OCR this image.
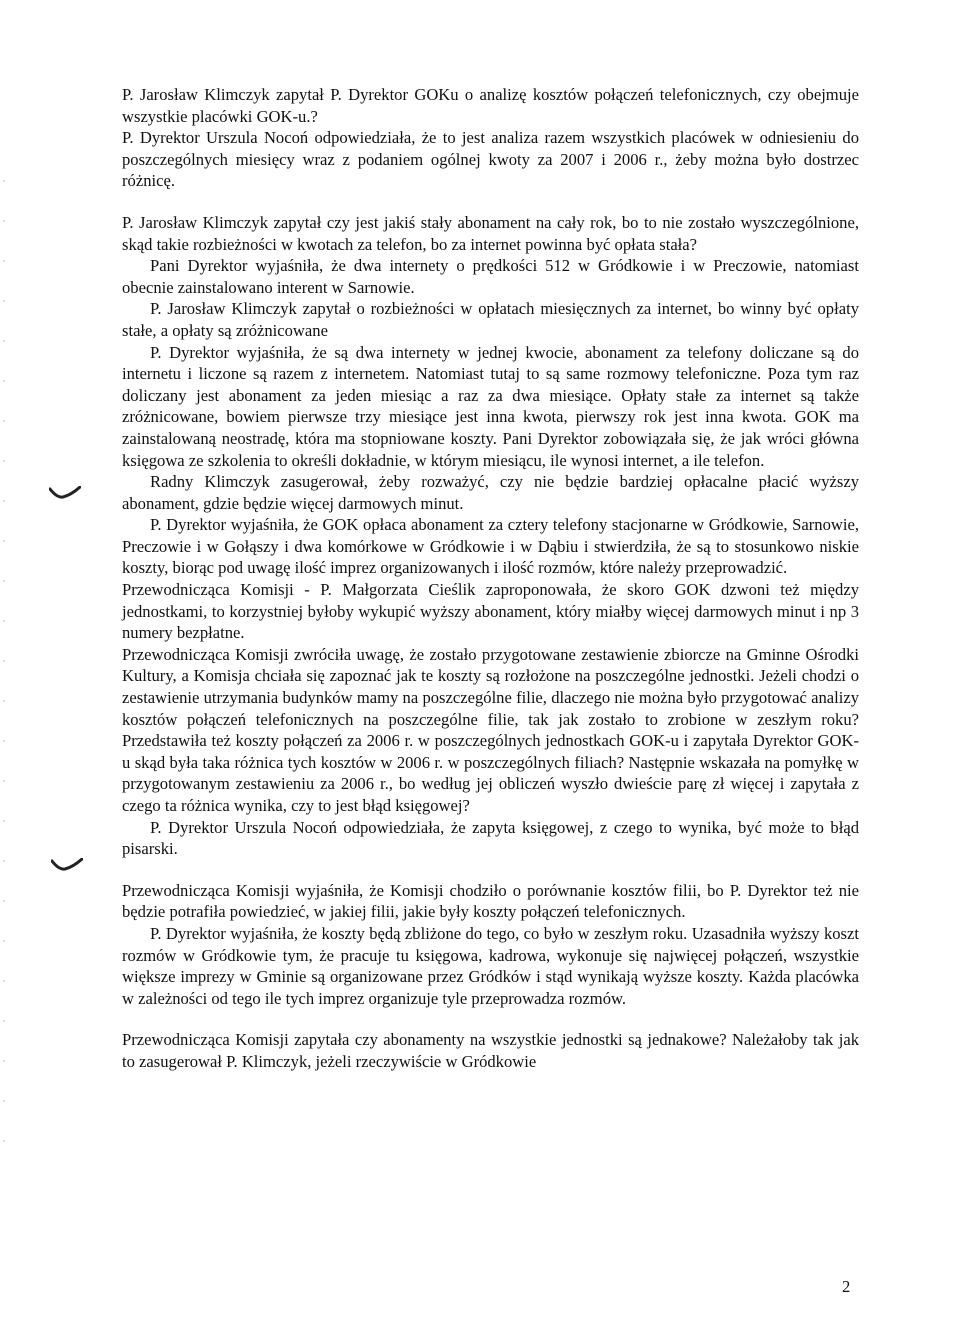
P. Jarosław Klimczyk zapytał P. Dyrektor GOKu o analizę kosztów połączeń telefonicznych, czy obejmuje wszystkie placówki GOK-u.?

P. Dyrektor Urszula Nocoń odpowiedziała, że to jest analiza razem wszystkich placówek w odniesieniu do poszczególnych miesięcy wraz z podaniem ogólnej kwoty za 2007 i 2006 r., żeby można było dostrzec różnicę.

P. Jarosław Klimczyk zapytał czy jest jakiś stały abonament na cały rok, bo to nie zostało wyszczególnione, skąd takie rozbieżności w kwotach za telefon, bo za internet powinna być opłata stała?

Pani Dyrektor wyjaśniła, że dwa internety o prędkości 512 w Gródkowie i w Preczowie, natomiast obecnie zainstalowano interent w Sarnowie.

P. Jarosław Klimczyk zapytał o rozbieżności w opłatach miesięcznych za internet, bo winny być opłaty stałe, a opłaty są zróżnicowane

P. Dyrektor wyjaśniła, że są dwa internety w jednej kwocie, abonament za telefony doliczane są do internetu i liczone są razem z internetem. Natomiast tutaj to są same rozmowy telefoniczne. Poza tym raz doliczany jest abonament za jeden miesiąc a raz za dwa miesiące. Opłaty stałe za internet są także zróżnicowane, bowiem pierwsze trzy miesiące jest inna kwota, pierwszy rok jest inna kwota. GOK ma zainstalowaną neostradę, która ma stopniowane koszty. Pani Dyrektor zobowiązała się, że jak wróci główna księgowa ze szkolenia to określi dokładnie, w którym miesiącu, ile wynosi internet, a ile telefon.

Radny Klimczyk zasugerował, żeby rozważyć, czy nie będzie bardziej opłacalne płacić wyższy abonament, gdzie będzie więcej darmowych minut.

P. Dyrektor wyjaśniła, że GOK opłaca abonament za cztery telefony stacjonarne w Gródkowie, Sarnowie, Preczowie i w Gołąszy i dwa komórkowe w Gródkowie i w Dąbiu i stwierdziła, że są to stosunkowo niskie koszty, biorąc pod uwagę ilość imprez organizowanych i ilość rozmów, które należy przeprowadzić.

Przewodnicząca Komisji - P. Małgorzata Cieślik zaproponowała, że skoro GOK dzwoni też między jednostkami, to korzystniej byłoby wykupić wyższy abonament, który miałby więcej darmowych minut i np 3 numery bezpłatne.

Przewodnicząca Komisji zwróciła uwagę, że zostało przygotowane zestawienie zbiorcze na Gminne Ośrodki Kultury, a Komisja chciała się zapoznać jak te koszty są rozłożone na poszczególne jednostki. Jeżeli chodzi o zestawienie utrzymania budynków mamy na poszczególne filie, dlaczego nie można było przygotować analizy kosztów połączeń telefonicznych na poszczególne filie, tak jak zostało to zrobione w zeszłym roku? Przedstawiła też koszty połączeń za 2006 r. w poszczególnych jednostkach GOK-u i zapytała Dyrektor GOK-u skąd była taka różnica tych kosztów w 2006 r. w poszczególnych filiach? Następnie wskazała na pomyłkę w przygotowanym zestawieniu za 2006 r., bo według jej obliczeń wyszło dwieście parę zł więcej i zapytała z czego ta różnica wynika, czy to jest błąd księgowej?

P. Dyrektor Urszula Nocoń odpowiedziała, że zapyta księgowej, z czego to wynika, być może to błąd pisarski.

Przewodnicząca Komisji wyjaśniła, że Komisji chodziło o porównanie kosztów filii, bo P. Dyrektor też nie będzie potrafiła powiedzieć, w jakiej filii, jakie były koszty połączeń telefonicznych.

P. Dyrektor wyjaśniła, że koszty będą zbliżone do tego, co było w zeszłym roku. Uzasadniła wyższy koszt rozmów w Gródkowie tym, że pracuje tu księgowa, kadrowa, wykonuje się najwięcej połączeń, wszystkie większe imprezy w Gminie są organizowane przez Gródków i stąd wynikają wyższe koszty. Każda placówka w zależności od tego ile tych imprez organizuje tyle przeprowadza rozmów.

Przewodnicząca Komisji zapytała czy abonamenty na wszystkie jednostki są jednakowe? Należałoby tak jak to zasugerował P. Klimczyk, jeżeli rzeczywiście w Gródkowie

2
